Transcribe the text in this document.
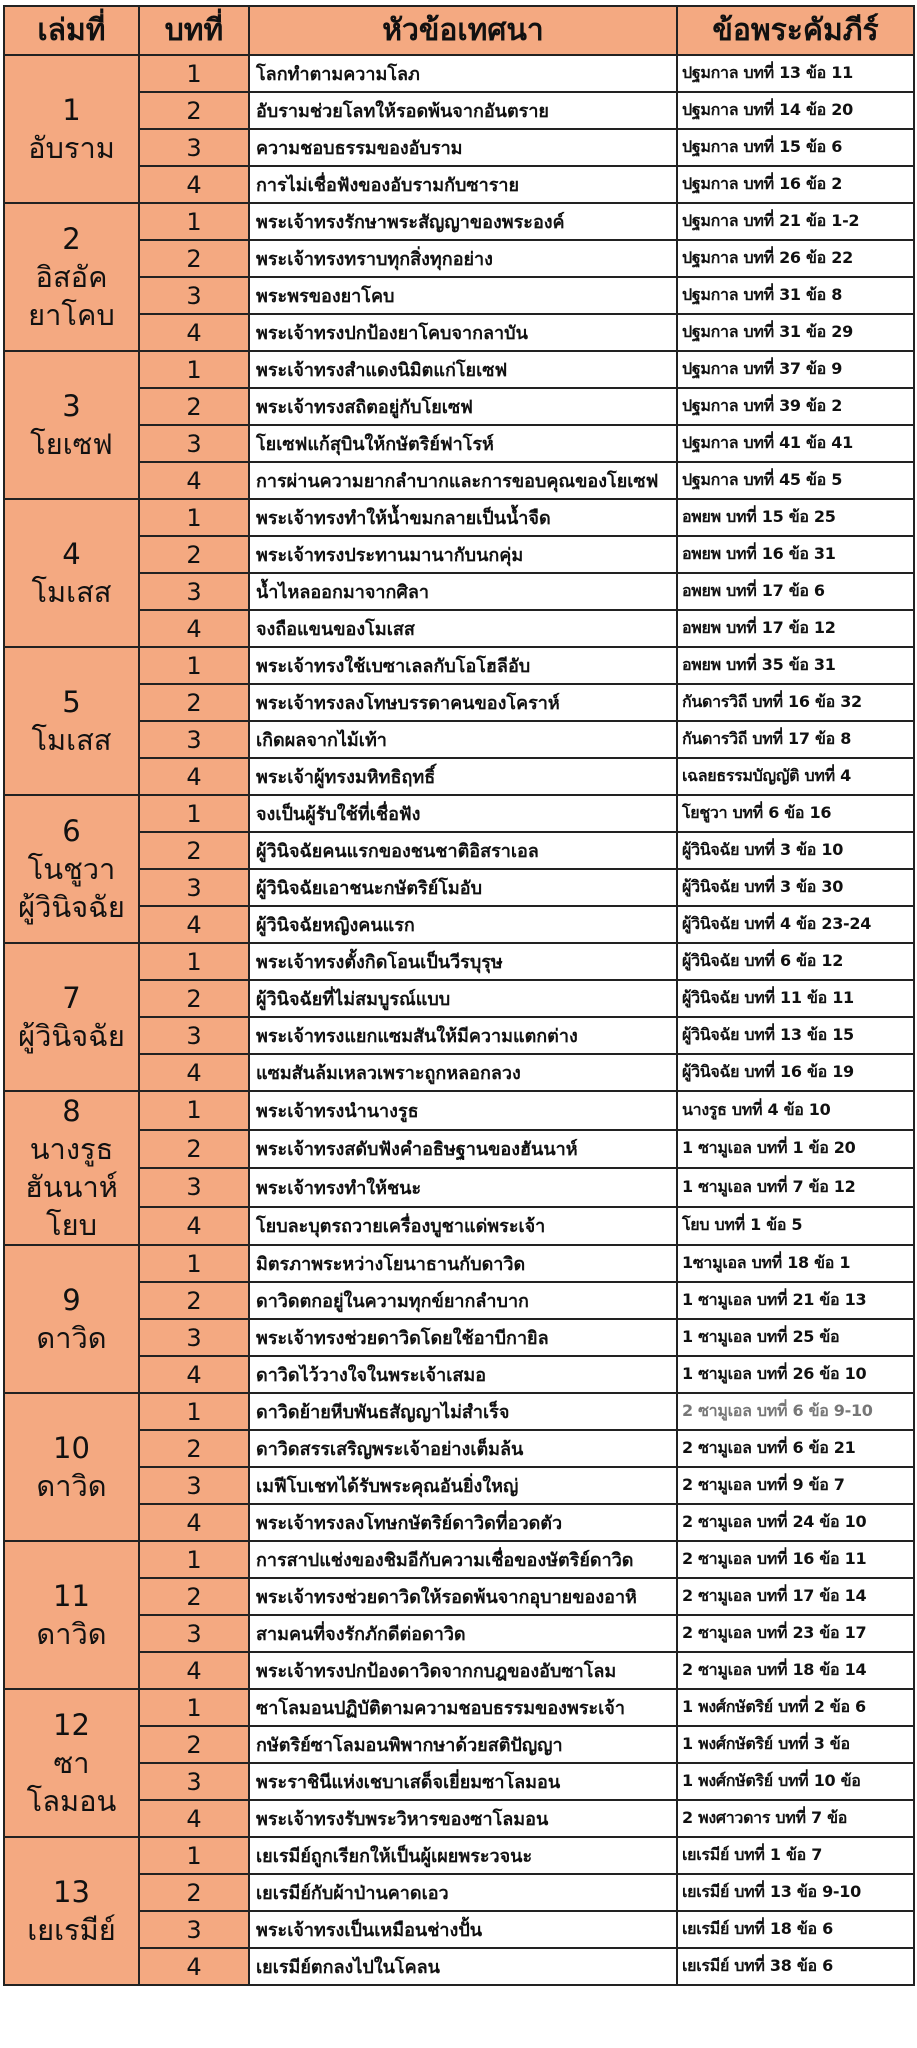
เล่มที่	บทที่	หัวข้อเทศนา	ข้อพระคัมภีร์

1
อับราม	1	โลกทำตามความโลภ	ปฐมกาล บทที่ 13 ข้อ 11
	2	อับรามช่วยโลทให้รอดพ้นจากอันตราย	ปฐมกาล บทที่ 14 ข้อ 20
	3	ความชอบธรรมของอับราม	ปฐมกาล บทที่ 15 ข้อ 6
	4	การไม่เชื่อฟังของอับรามกับซาราย	ปฐมกาล บทที่ 16 ข้อ 2

2
อิสอัค
ยาโคบ	1	พระเจ้าทรงรักษาพระสัญญาของพระองค์	ปฐมกาล บทที่ 21 ข้อ 1-2
	2	พระเจ้าทรงทราบทุกสิ่งทุกอย่าง	ปฐมกาล บทที่ 26 ข้อ 22
	3	พระพรของยาโคบ	ปฐมกาล บทที่ 31 ข้อ 8
	4	พระเจ้าทรงปกป้องยาโคบจากลาบัน	ปฐมกาล บทที่ 31 ข้อ 29

3
โยเซฟ	1	พระเจ้าทรงสำแดงนิมิตแก่โยเซฟ	ปฐมกาล บทที่ 37 ข้อ 9
	2	พระเจ้าทรงสถิตอยู่กับโยเซฟ	ปฐมกาล บทที่ 39 ข้อ 2
	3	โยเซฟแก้สุบินให้กษัตริย์ฟาโรห์	ปฐมกาล บทที่ 41 ข้อ 41
	4	การผ่านความยากลำบากและการขอบคุณของโยเซฟ	ปฐมกาล บทที่ 45 ข้อ 5

4
โมเสส	1	พระเจ้าทรงทำให้น้ำขมกลายเป็นน้ำจืด	อพยพ บทที่ 15 ข้อ 25
	2	พระเจ้าทรงประทานมานากับนกคุ่ม	อพยพ บทที่ 16 ข้อ 31
	3	น้ำไหลออกมาจากศิลา	อพยพ บทที่ 17 ข้อ 6
	4	จงถือแขนของโมเสส	อพยพ บทที่ 17 ข้อ 12

5
โมเสส	1	พระเจ้าทรงใช้เบซาเลลกับโอโฮลีอับ	อพยพ บทที่ 35 ข้อ 31
	2	พระเจ้าทรงลงโทษบรรดาคนของโคราห์	กันดารวิถี บทที่ 16 ข้อ 32
	3	เกิดผลจากไม้เท้า	กันดารวิถี บทที่ 17 ข้อ 8
	4	พระเจ้าผู้ทรงมหิทธิฤทธิ์	เฉลยธรรมบัญญัติ บทที่ 4

6
โนชูวา
ผู้วินิจฉัย	1	จงเป็นผู้รับใช้ที่เชื่อฟัง	โยชูวา บทที่ 6 ข้อ 16
	2	ผู้วินิจฉัยคนแรกของชนชาติอิสราเอล	ผู้วินิจฉัย บทที่ 3 ข้อ 10
	3	ผู้วินิจฉัยเอาชนะกษัตริย์โมอับ	ผู้วินิจฉัย บทที่ 3 ข้อ 30
	4	ผู้วินิจฉัยหญิงคนแรก	ผู้วินิจฉัย บทที่ 4 ข้อ 23-24

7
ผู้วินิจฉัย	1	พระเจ้าทรงตั้งกิดโอนเป็นวีรบุรุษ	ผู้วินิจฉัย บทที่ 6 ข้อ 12
	2	ผู้วินิจฉัยที่ไม่สมบูรณ์แบบ	ผู้วินิจฉัย บทที่ 11 ข้อ 11
	3	พระเจ้าทรงแยกแซมสันให้มีความแตกต่าง	ผู้วินิจฉัย บทที่ 13 ข้อ 15
	4	แซมสันล้มเหลวเพราะถูกหลอกลวง	ผู้วินิจฉัย บทที่ 16 ข้อ 19

8
นางรูธ
ฮันนาห์
โยบ	1	พระเจ้าทรงนำนางรูธ	นางรูธ บทที่ 4 ข้อ 10
	2	พระเจ้าทรงสดับฟังคำอธิษฐานของฮันนาห์	1 ซามูเอล บทที่ 1 ข้อ 20
	3	พระเจ้าทรงทำให้ชนะ	1 ซามูเอล บทที่ 7 ข้อ 12
	4	โยบละบุตรถวายเครื่องบูชาแด่พระเจ้า	โยบ บทที่ 1 ข้อ 5

9
ดาวิด	1	มิตรภาพระหว่างโยนาธานกับดาวิด	1ซามูเอล บทที่ 18 ข้อ 1
	2	ดาวิดตกอยู่ในความทุกข์ยากลำบาก	1 ซามูเอล บทที่ 21 ข้อ 13
	3	พระเจ้าทรงช่วยดาวิดโดยใช้อาบีกายิล	1 ซามูเอล บทที่ 25 ข้อ
	4	ดาวิดไว้วางใจในพระเจ้าเสมอ	1 ซามูเอล บทที่ 26 ข้อ 10

10
ดาวิด	1	ดาวิดย้ายหีบพันธสัญญาไม่สำเร็จ	2 ซามูเอล บทที่ 6 ข้อ 9-10
	2	ดาวิดสรรเสริญพระเจ้าอย่างเต็มล้น	2 ซามูเอล บทที่ 6 ข้อ 21
	3	เมฟีโบเชทได้รับพระคุณอันยิ่งใหญ่	2 ซามูเอล บทที่ 9 ข้อ 7
	4	พระเจ้าทรงลงโทษกษัตริย์ดาวิดที่อวดตัว	2 ซามูเอล บทที่ 24 ข้อ 10

11
ดาวิด	1	การสาปแช่งของชิมอีกับความเชื่อของษัตริย์ดาวิด	2 ซามูเอล บทที่ 16 ข้อ 11
	2	พระเจ้าทรงช่วยดาวิดให้รอดพ้นจากอุบายของอาหิ	2 ซามูเอล บทที่ 17 ข้อ 14
	3	สามคนที่จงรักภักดีต่อดาวิด	2 ซามูเอล บทที่ 23 ข้อ 17
	4	พระเจ้าทรงปกป้องดาวิดจากกบฎของอับซาโลม	2 ซามูเอล บทที่ 18 ข้อ 14

12
ซา
โลมอน	1	ซาโลมอนปฏิบัติตามความชอบธรรมของพระเจ้า	1 พงศ์กษัตริย์ บทที่ 2 ข้อ 6
	2	กษัตริย์ซาโลมอนพิพากษาด้วยสติปัญญา	1 พงศ์กษัตริย์ บทที่ 3 ข้อ
	3	พระราชินีแห่งเชบาเสด็จเยี่ยมซาโลมอน	1 พงศ์กษัตริย์ บทที่ 10 ข้อ
	4	พระเจ้าทรงรับพระวิหารของซาโลมอน	2 พงศาวดาร บทที่ 7 ข้อ

13
เยเรมีย์	1	เยเรมีย์ถูกเรียกให้เป็นผู้เผยพระวจนะ	เยเรมีย์ บทที่ 1 ข้อ 7
	2	เยเรมีย์กับผ้าป่านคาดเอว	เยเรมีย์ บทที่ 13 ข้อ 9-10
	3	พระเจ้าทรงเป็นเหมือนช่างปั้น	เยเรมีย์ บทที่ 18 ข้อ 6
	4	เยเรมีย์ตกลงไปในโคลน	เยเรมีย์ บทที่ 38 ข้อ 6
